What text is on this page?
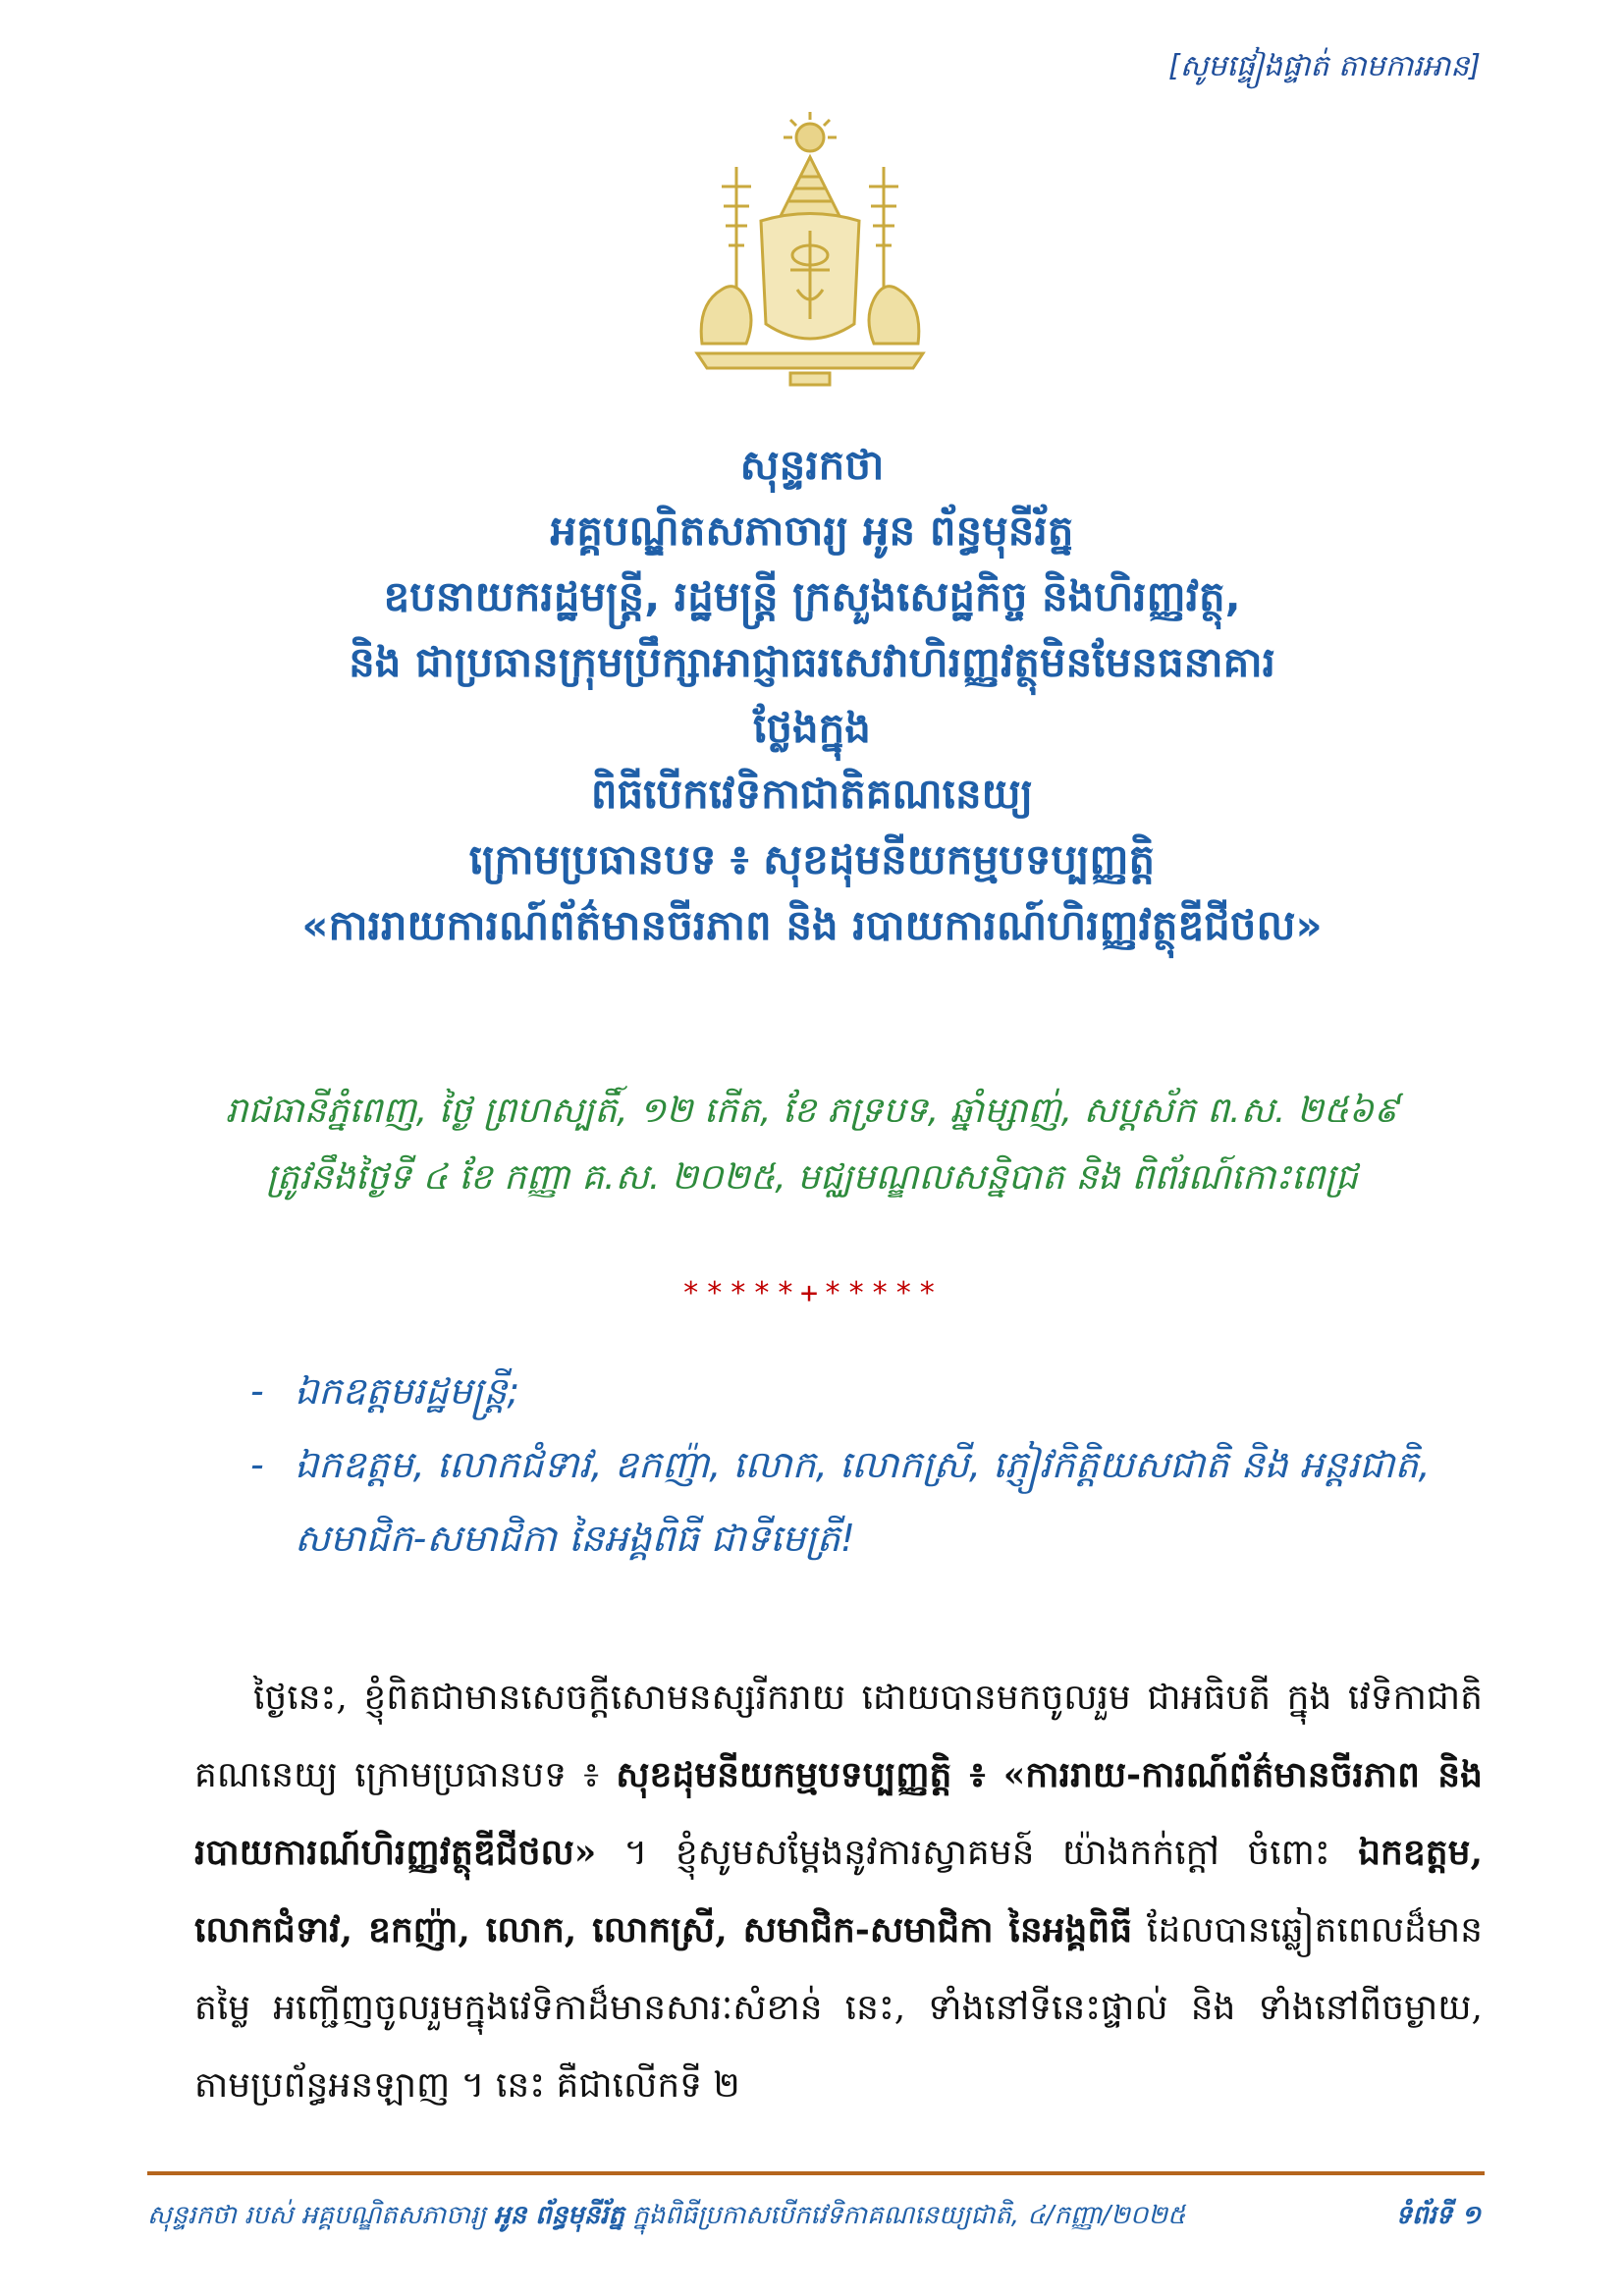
[សូមផ្ទៀងផ្ទាត់ តាមការអាន]
សុន្ទរកថា
អគ្គបណ្ឌិតសភាចារ្យ អូន ព័ន្ធមុនីរ័ត្ន
ឧបនាយករដ្ឋមន្ត្រី, រដ្ឋមន្ត្រី ក្រសួងសេដ្ឋកិច្ច និងហិរញ្ញវត្ថុ,
និង ជាប្រធានក្រុមប្រឹក្សាអាជ្ញាធរសេវាហិរញ្ញវត្ថុមិនមែនធនាគារ
ថ្លែងក្នុង
ពិធីបើកវេទិកាជាតិគណនេយ្យ
ក្រោមប្រធានបទ ៖ សុខដុមនីយកម្មបទប្បញ្ញត្តិ
«ការរាយការណ៍ព័ត៌មានចីរភាព និង របាយការណ៍ហិរញ្ញវត្ថុឌីជីថល»
រាជធានីភ្នំពេញ, ថ្ងៃ ព្រហស្បតិ៍, ១២ កើត, ខែ ភទ្របទ, ឆ្នាំម្សាញ់, សប្តស័ក ព.ស. ២៥៦៩
ត្រូវនឹងថ្ងៃទី ៤ ខែ កញ្ញា គ.ស. ២០២៥, មជ្ឈមណ្ឌលសន្និបាត និង ពិព័រណ៍កោះពេជ្រ
*****+*****
- ឯកឧត្តមរដ្ឋមន្ត្រី;
- ឯកឧត្តម, លោកជំទាវ, ឧកញ៉ា, លោក, លោកស្រី, ភ្ញៀវកិត្តិយសជាតិ និង អន្តរជាតិ, សមាជិក-សមាជិកា នៃអង្គពិធី ជាទីមេត្រី!

ថ្ងៃនេះ, ខ្ញុំពិតជាមានសេចក្តីសោមនស្សរីករាយ ដោយបានមកចូលរួម ជាអធិបតី ក្នុង វេទិកាជាតិគណនេយ្យ ក្រោមប្រធានបទ ៖ សុខដុមនីយកម្មបទប្បញ្ញត្តិ ៖ «ការរាយ-ការណ៍ព័ត៌មានចីរភាព និង របាយការណ៍ហិរញ្ញវត្ថុឌីជីថល» ។ ខ្ញុំសូមសម្តែងនូវការស្វាគមន៍ យ៉ាងកក់ក្តៅ ចំពោះ ឯកឧត្តម, លោកជំទាវ, ឧកញ៉ា, លោក, លោកស្រី, សមាជិក-សមាជិកា នៃអង្គពិធី ដែលបានឆ្លៀតពេលដ៏មានតម្លៃ អញ្ជើញចូលរួមក្នុងវេទិកាដ៏មានសារៈសំខាន់ នេះ, ទាំងនៅទីនេះផ្ទាល់ និង ទាំងនៅពីចម្ងាយ, តាមប្រព័ន្ធអនឡាញ ។ នេះ គឺជាលើកទី ២

សុន្ទរកថា របស់ អគ្គបណ្ឌិតសភាចារ្យ អូន ព័ន្ធមុនីរ័ត្ន ក្នុងពិធីប្រកាសបើកវេទិកាគណនេយ្យជាតិ, ៤/កញ្ញា/២០២៥	ទំព័រទី ១
